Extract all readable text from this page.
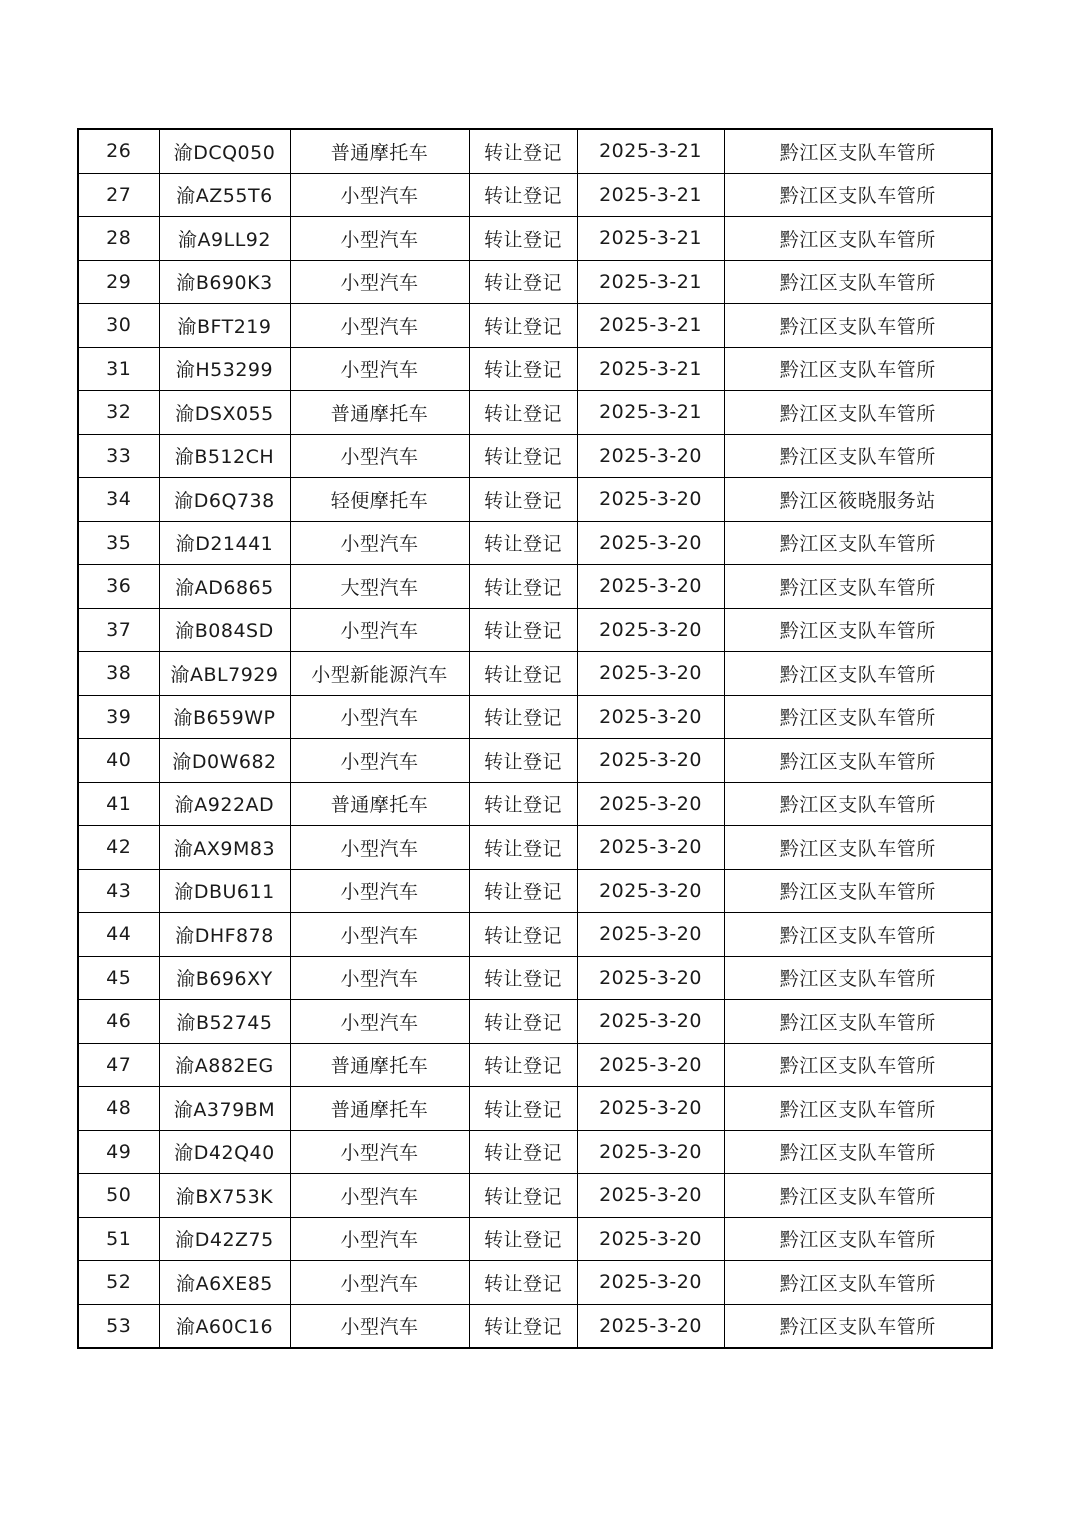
26	渝DCQ050	普通摩托车	转让登记	2025-3-21	黔江区支队车管所
27	渝AZ55T6	小型汽车	转让登记	2025-3-21	黔江区支队车管所
28	渝A9LL92	小型汽车	转让登记	2025-3-21	黔江区支队车管所
29	渝B690K3	小型汽车	转让登记	2025-3-21	黔江区支队车管所
30	渝BFT219	小型汽车	转让登记	2025-3-21	黔江区支队车管所
31	渝H53299	小型汽车	转让登记	2025-3-21	黔江区支队车管所
32	渝DSX055	普通摩托车	转让登记	2025-3-21	黔江区支队车管所
33	渝B512CH	小型汽车	转让登记	2025-3-20	黔江区支队车管所
34	渝D6Q738	轻便摩托车	转让登记	2025-3-20	黔江区筱晓服务站
35	渝D21441	小型汽车	转让登记	2025-3-20	黔江区支队车管所
36	渝AD6865	大型汽车	转让登记	2025-3-20	黔江区支队车管所
37	渝B084SD	小型汽车	转让登记	2025-3-20	黔江区支队车管所
38	渝ABL7929	小型新能源汽车	转让登记	2025-3-20	黔江区支队车管所
39	渝B659WP	小型汽车	转让登记	2025-3-20	黔江区支队车管所
40	渝D0W682	小型汽车	转让登记	2025-3-20	黔江区支队车管所
41	渝A922AD	普通摩托车	转让登记	2025-3-20	黔江区支队车管所
42	渝AX9M83	小型汽车	转让登记	2025-3-20	黔江区支队车管所
43	渝DBU611	小型汽车	转让登记	2025-3-20	黔江区支队车管所
44	渝DHF878	小型汽车	转让登记	2025-3-20	黔江区支队车管所
45	渝B696XY	小型汽车	转让登记	2025-3-20	黔江区支队车管所
46	渝B52745	小型汽车	转让登记	2025-3-20	黔江区支队车管所
47	渝A882EG	普通摩托车	转让登记	2025-3-20	黔江区支队车管所
48	渝A379BM	普通摩托车	转让登记	2025-3-20	黔江区支队车管所
49	渝D42Q40	小型汽车	转让登记	2025-3-20	黔江区支队车管所
50	渝BX753K	小型汽车	转让登记	2025-3-20	黔江区支队车管所
51	渝D42Z75	小型汽车	转让登记	2025-3-20	黔江区支队车管所
52	渝A6XE85	小型汽车	转让登记	2025-3-20	黔江区支队车管所
53	渝A60C16	小型汽车	转让登记	2025-3-20	黔江区支队车管所
